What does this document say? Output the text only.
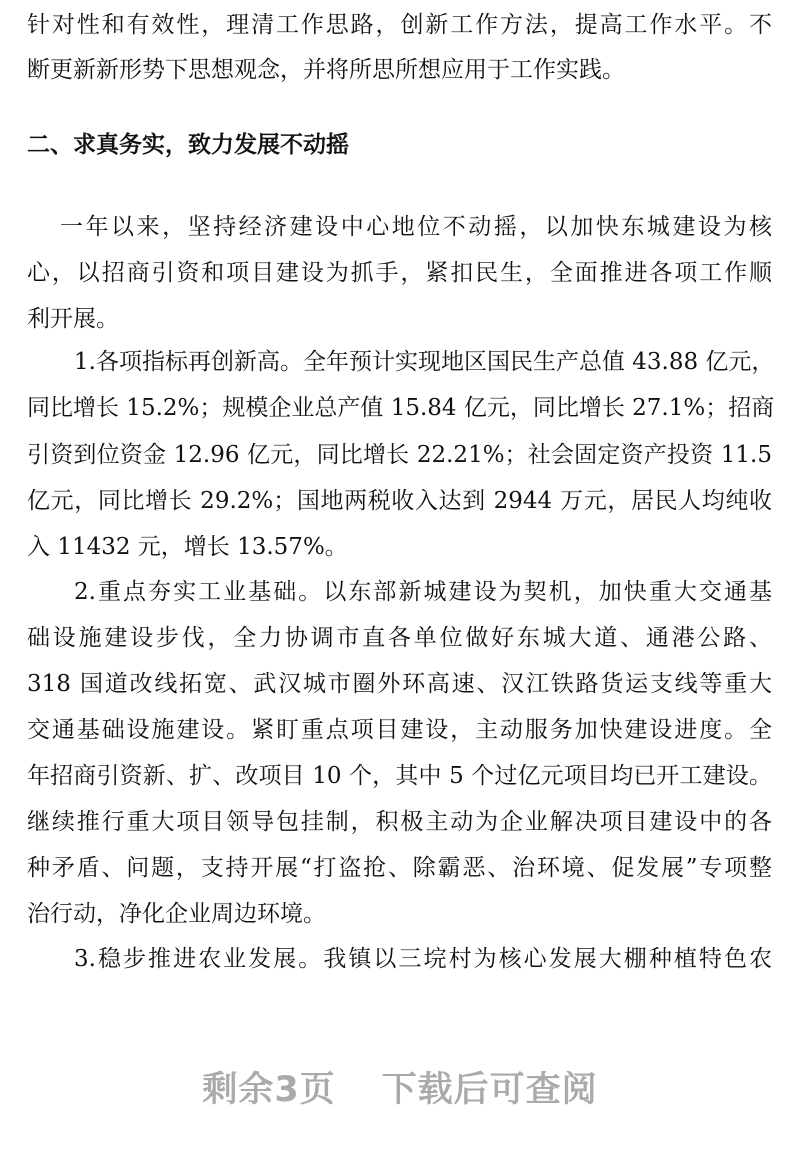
针对性和有效性，理清工作思路，创新工作方法，提高工作水平。不
断更新新形势下思想观念，并将所思所想应用于工作实践。
二、求真务实，致力发展不动摇
一年以来，坚持经济建设中心地位不动摇，以加快东城建设为核
心，以招商引资和项目建设为抓手，紧扣民生，全面推进各项工作顺
利开展。
1.各项指标再创新高。全年预计实现地区国民生产总值 43.88 亿元，
同比增长 15.2%；规模企业总产值 15.84 亿元，同比增长 27.1%；招商
引资到位资金 12.96 亿元，同比增长 22.21%；社会固定资产投资 11.5
亿元，同比增长 29.2%；国地两税收入达到 2944 万元，居民人均纯收
入 11432 元，增长 13.57%。
2.重点夯实工业基础。以东部新城建设为契机，加快重大交通基
础设施建设步伐，全力协调市直各单位做好东城大道、通港公路、
318 国道改线拓宽、武汉城市圈外环高速、汉江铁路货运支线等重大
交通基础设施建设。紧盯重点项目建设，主动服务加快建设进度。全
年招商引资新、扩、改项目 10 个，其中 5 个过亿元项目均已开工建设。
继续推行重大项目领导包挂制，积极主动为企业解决项目建设中的各
种矛盾、问题，支持开展“打盗抢、除霸恶、治环境、促发展”专项整
治行动，净化企业周边环境。
3.稳步推进农业发展。我镇以三垸村为核心发展大棚种植特色农
剩余3页 下载后可查阅
